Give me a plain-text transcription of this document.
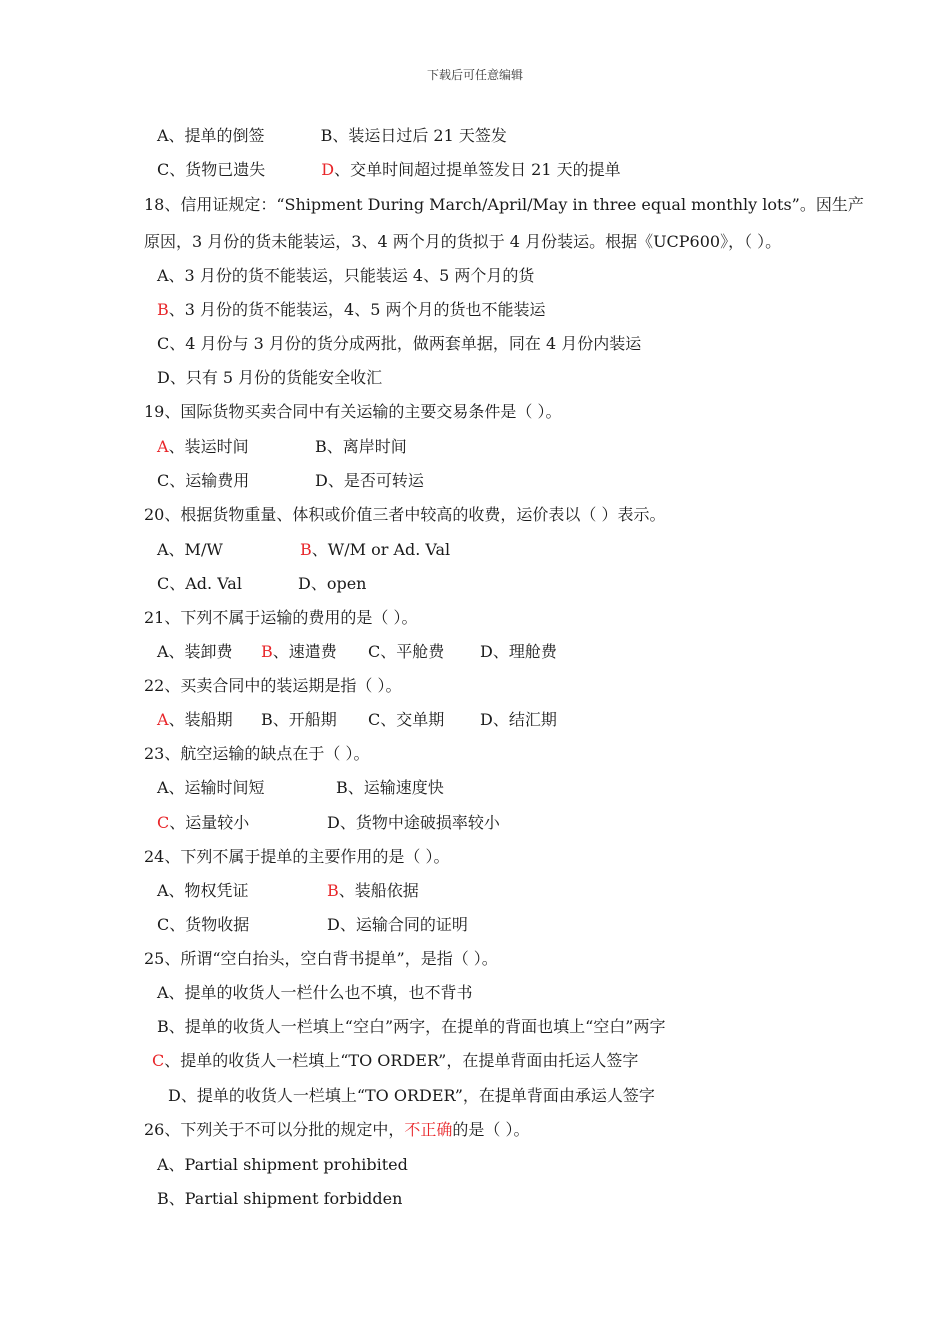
下载后可任意编辑
A、提单的倒签	B、装运日过后 21 天签发
C、货物已遗失	D、交单时间超过提单签发日 21 天的提单
18、信用证规定：“Shipment During March/April/May in three equal monthly lots”。因生产
原因，3 月份的货未能装运，3、4 两个月的货拟于 4 月份装运。根据《UCP600》，（ ）。
A、3 月份的货不能装运，只能装运 4、5 两个月的货
B、3 月份的货不能装运，4、5 两个月的货也不能装运
C、4 月份与 3 月份的货分成两批，做两套单据，同在 4 月份内装运
D、只有 5 月份的货能安全收汇
19、国际货物买卖合同中有关运输的主要交易条件是（ ）。
A、装运时间	B、离岸时间
C、运输费用	D、是否可转运
20、根据货物重量、体积或价值三者中较高的收费，运价表以（ ）表示。
A、M/W	B、W/M or Ad. Val
C、Ad. Val	D、open
21、下列不属于运输的费用的是（ ）。
A、装卸费 B、速遣费 C、平舱费 D、理舱费
22、买卖合同中的装运期是指（ ）。
A、装船期 B、开船期 C、交单期 D、结汇期
23、航空运输的缺点在于（ ）。
A、运输时间短	B、运输速度快
C、运量较小	D、货物中途破损率较小
24、下列不属于提单的主要作用的是（ ）。
A、物权凭证	B、装船依据
C、货物收据	D、运输合同的证明
25、所谓“空白抬头，空白背书提单”，是指（ ）。
A、提单的收货人一栏什么也不填，也不背书
B、提单的收货人一栏填上“空白”两字，在提单的背面也填上“空白”两字
C、提单的收货人一栏填上“TO ORDER”，在提单背面由托运人签字
D、提单的收货人一栏填上“TO ORDER”，在提单背面由承运人签字
26、下列关于不可以分批的规定中，不正确的是（ ）。
A、Partial shipment prohibited
B、Partial shipment forbidden
